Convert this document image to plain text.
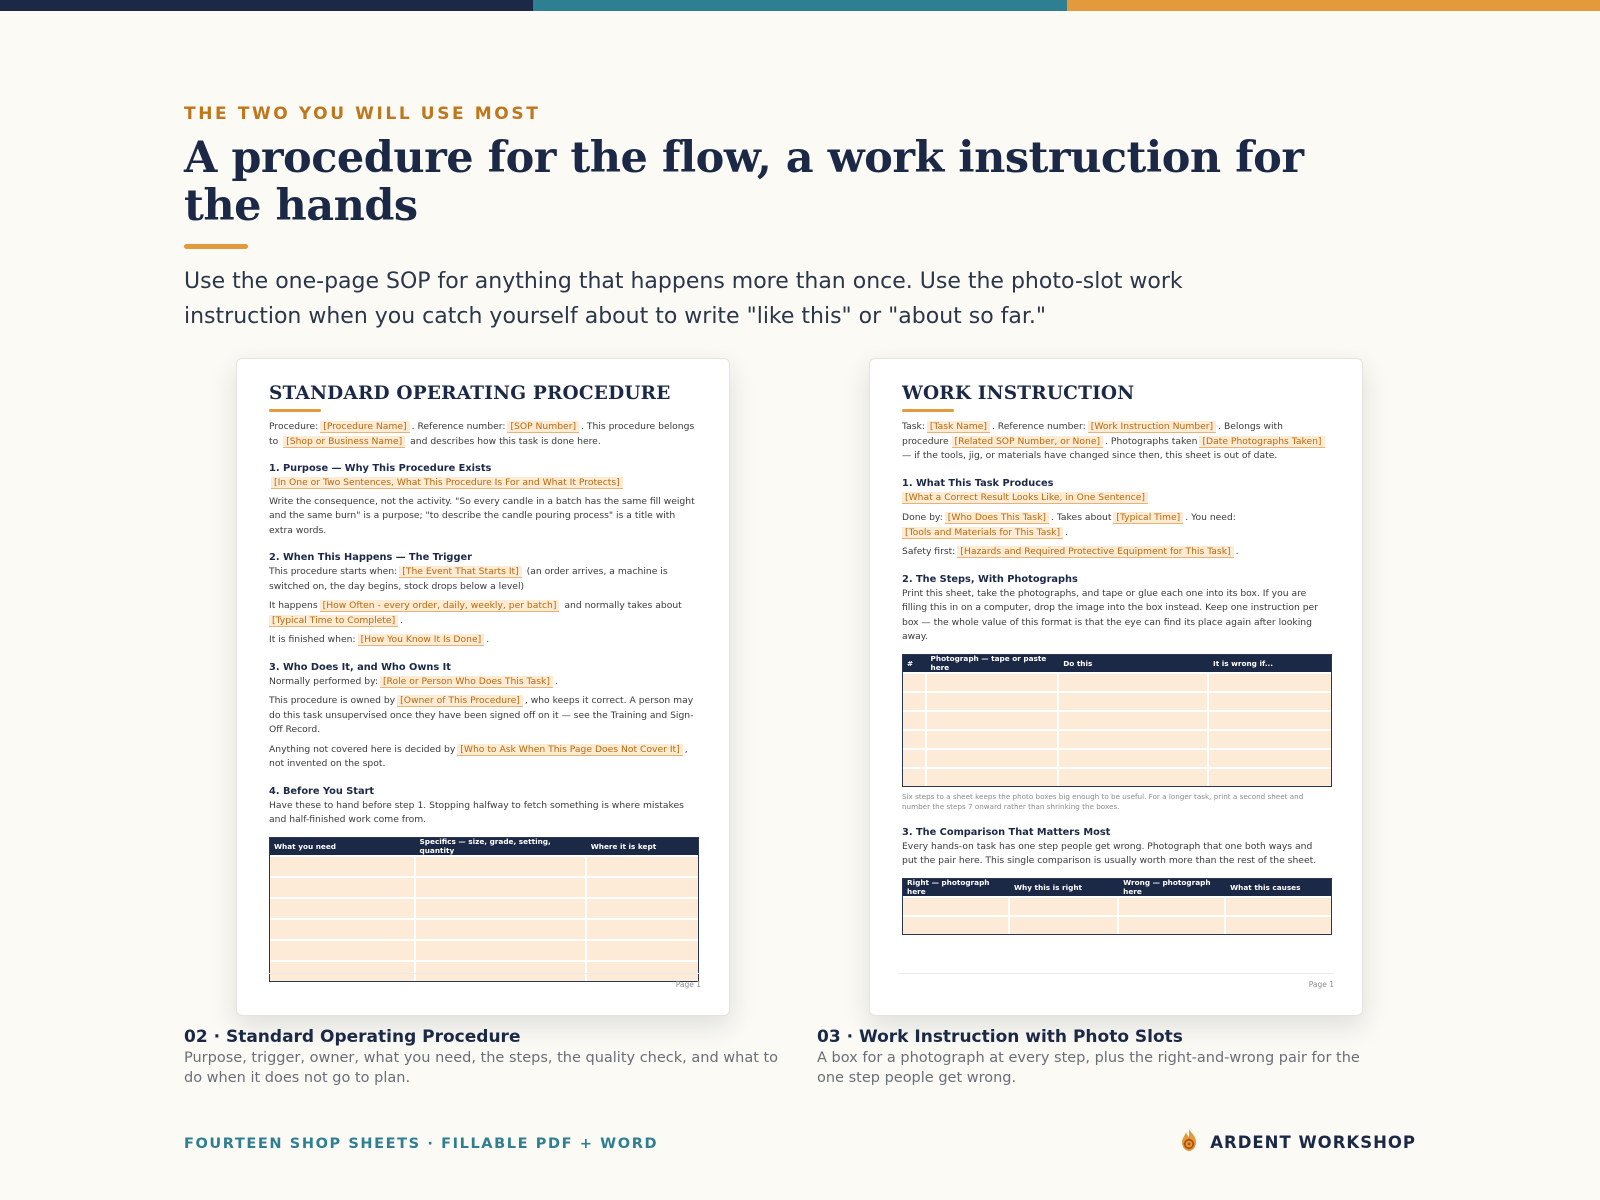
THE TWO YOU WILL USE MOST
A procedure for the flow, a work instruction for the hands

Use the one-page SOP for anything that happens more than once. Use the photo-slot work instruction when you catch yourself about to write "like this" or "about so far."

STANDARD OPERATING PROCEDURE

Procedure: [Procedure Name] . Reference number: [SOP Number] . This procedure belongs to [Shop or Business Name] and describes how this task is done here.

1. Purpose — Why This Procedure Exists

[In One or Two Sentences, What This Procedure Is For and What It Protects]

Write the consequence, not the activity. "So every candle in a batch has the same fill weight and the same burn" is a purpose; "to describe the candle pouring process" is a title with extra words.

2. When This Happens — The Trigger

This procedure starts when: [The Event That Starts It] (an order arrives, a machine is switched on, the day begins, stock drops below a level)

It happens [How Often - every order, daily, weekly, per batch] and normally takes about
[Typical Time to Complete] .

It is finished when: [How You Know It Is Done] .

3. Who Does It, and Who Owns It

Normally performed by: [Role or Person Who Does This Task] .

This procedure is owned by [Owner of This Procedure] , who keeps it correct. A person may do this task unsupervised once they have been signed off on it — see the Training and Sign-Off Record.

Anything not covered here is decided by [Who to Ask When This Page Does Not Cover It] , not invented on the spot.

4. Before You Start

Have these to hand before step 1. Stopping halfway to fetch something is where mistakes and half-finished work come from.

What you need	Specifics — size, grade, setting, quantity	Where it is kept
Page 1
WORK INSTRUCTION

Task: [Task Name] . Reference number: [Work Instruction Number] . Belongs with procedure [Related SOP Number, or None] . Photographs taken [Date Photographs Taken] — if the tools, jig, or materials have changed since then, this sheet is out of date.

1. What This Task Produces

[What a Correct Result Looks Like, in One Sentence]

Done by: [Who Does This Task] . Takes about [Typical Time] . You need:
[Tools and Materials for This Task] .

Safety first: [Hazards and Required Protective Equipment for This Task] .

2. The Steps, With Photographs

Print this sheet, take the photographs, and tape or glue each one into its box. If you are filling this in on a computer, drop the image into the box instead. Keep one instruction per box — the whole value of this format is that the eye can find its place again after looking away.

#	Photograph — tape or paste here	Do this	It is wrong if...

Six steps to a sheet keeps the photo boxes big enough to be useful. For a longer task, print a second sheet and number the steps 7 onward rather than shrinking the boxes.

3. The Comparison That Matters Most

Every hands-on task has one step people get wrong. Photograph that one both ways and put the pair here. This single comparison is usually worth more than the rest of the sheet.

Right — photograph here	Why this is right	Wrong — photograph here	What this causes
Page 1
02 · Standard Operating Procedure

Purpose, trigger, owner, what you need, the steps, the quality check, and what to do when it does not go to plan.

03 · Work Instruction with Photo Slots

A box for a photograph at every step, plus the right-and-wrong pair for the one step people get wrong.

FOURTEEN SHOP SHEETS · FILLABLE PDF + WORD	ARDENT WORKSHOP
